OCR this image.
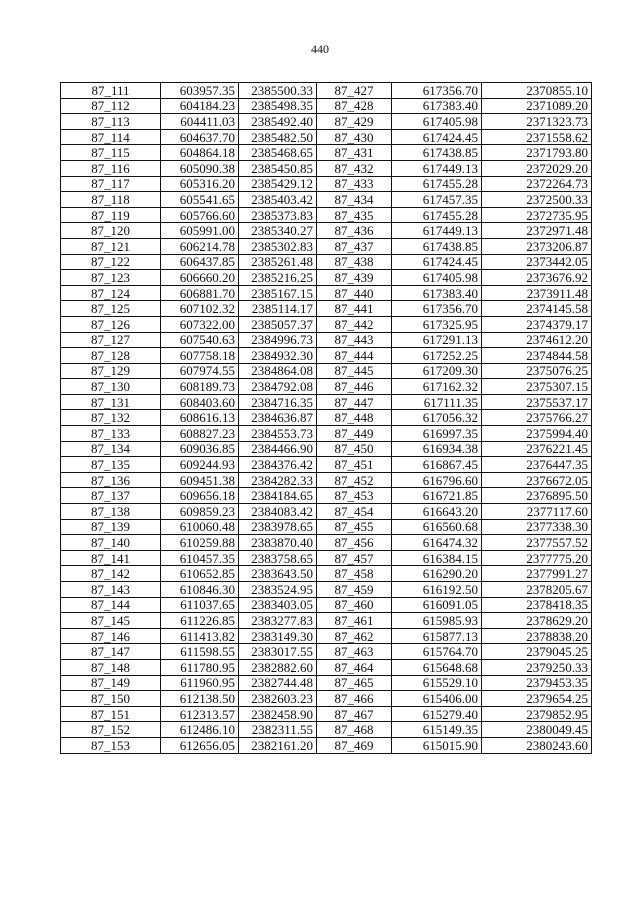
440
87_111	603957.35	2385500.33	87_427	617356.70	2370855.10
87_112	604184.23	2385498.35	87_428	617383.40	2371089.20
87_113	604411.03	2385492.40	87_429	617405.98	2371323.73
87_114	604637.70	2385482.50	87_430	617424.45	2371558.62
87_115	604864.18	2385468.65	87_431	617438.85	2371793.80
87_116	605090.38	2385450.85	87_432	617449.13	2372029.20
87_117	605316.20	2385429.12	87_433	617455.28	2372264.73
87_118	605541.65	2385403.42	87_434	617457.35	2372500.33
87_119	605766.60	2385373.83	87_435	617455.28	2372735.95
87_120	605991.00	2385340.27	87_436	617449.13	2372971.48
87_121	606214.78	2385302.83	87_437	617438.85	2373206.87
87_122	606437.85	2385261.48	87_438	617424.45	2373442.05
87_123	606660.20	2385216.25	87_439	617405.98	2373676.92
87_124	606881.70	2385167.15	87_440	617383.40	2373911.48
87_125	607102.32	2385114.17	87_441	617356.70	2374145.58
87_126	607322.00	2385057.37	87_442	617325.95	2374379.17
87_127	607540.63	2384996.73	87_443	617291.13	2374612.20
87_128	607758.18	2384932.30	87_444	617252.25	2374844.58
87_129	607974.55	2384864.08	87_445	617209.30	2375076.25
87_130	608189.73	2384792.08	87_446	617162.32	2375307.15
87_131	608403.60	2384716.35	87_447	617111.35	2375537.17
87_132	608616.13	2384636.87	87_448	617056.32	2375766.27
87_133	608827.23	2384553.73	87_449	616997.35	2375994.40
87_134	609036.85	2384466.90	87_450	616934.38	2376221.45
87_135	609244.93	2384376.42	87_451	616867.45	2376447.35
87_136	609451.38	2384282.33	87_452	616796.60	2376672.05
87_137	609656.18	2384184.65	87_453	616721.85	2376895.50
87_138	609859.23	2384083.42	87_454	616643.20	2377117.60
87_139	610060.48	2383978.65	87_455	616560.68	2377338.30
87_140	610259.88	2383870.40	87_456	616474.32	2377557.52
87_141	610457.35	2383758.65	87_457	616384.15	2377775.20
87_142	610652.85	2383643.50	87_458	616290.20	2377991.27
87_143	610846.30	2383524.95	87_459	616192.50	2378205.67
87_144	611037.65	2383403.05	87_460	616091.05	2378418.35
87_145	611226.85	2383277.83	87_461	615985.93	2378629.20
87_146	611413.82	2383149.30	87_462	615877.13	2378838.20
87_147	611598.55	2383017.55	87_463	615764.70	2379045.25
87_148	611780.95	2382882.60	87_464	615648.68	2379250.33
87_149	611960.95	2382744.48	87_465	615529.10	2379453.35
87_150	612138.50	2382603.23	87_466	615406.00	2379654.25
87_151	612313.57	2382458.90	87_467	615279.40	2379852.95
87_152	612486.10	2382311.55	87_468	615149.35	2380049.45
87_153	612656.05	2382161.20	87_469	615015.90	2380243.60
